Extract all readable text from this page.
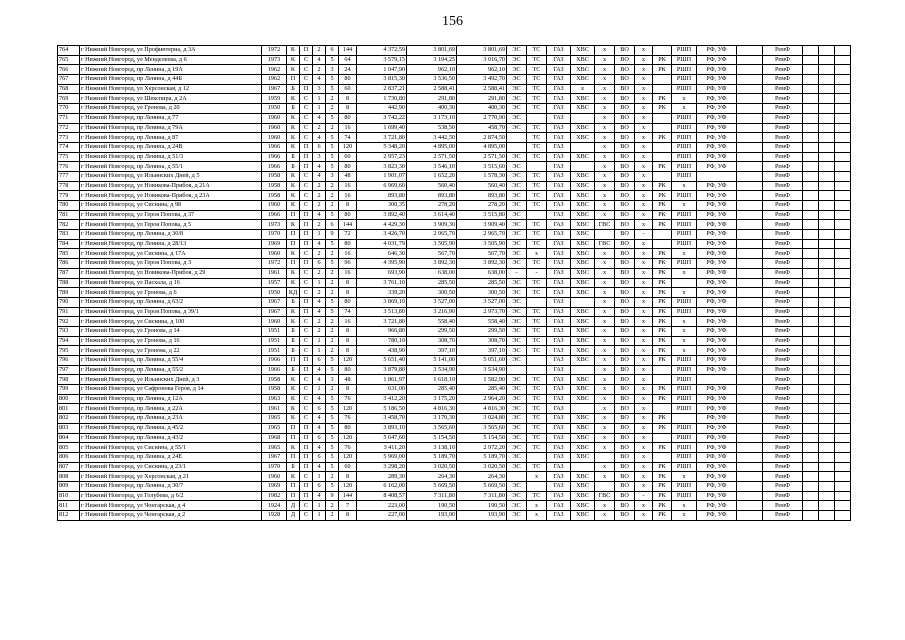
156
764	г Нижний Новгород, ул Профинтерна, д 3А	1972	К	П	2	6	144	4 372,59	3 801,69	3 801,69	ЭС	ТС	ГАЗ	ХВС	х	ВО	х		РШП	РФ, УФ		РемФ			
765	г Нижний Новгород, ул Менделеева, д 6	1973	К	С	4	5	64	3 579,15	3 194,25	3 016,70	ЭС	ТС	ГАЗ	ХВС	х	ВО	х	РК	РШП	РФ, УФ		РемФ			
766	г Нижний Новгород, пр Ленина, д 19А	1962	К	С	2	3	24	1 047,90	962,10	962,10	ЭС	ТС	ГАЗ	ХВС	х	ВО	х	РК	РШП	РФ, УФ		РемФ			
767	г Нижний Новгород, пр Ленина, д 44Б	1962	П	С	4	5	80	3 815,30	3 536,50	3 492,70	ЭС	ТС	ГАЗ	ХВС	х	ВО	х		РШП	РФ, УФ		РемФ			
768	г Нижний Новгород, ул Херсонская, д 12	1967	Б	П	3	5	60	2 837,21	2 588,41	2 588,41	ЭС	ТС	ГАЗ	х	х	ВО	х		РШП	РФ, УФ		РемФ			
769	г Нижний Новгород, ул Шекспира, д 2А	1959	К	С	1	2	8	1 730,80	291,80	291,80	ЭС	ТС	ГАЗ	ХВС	х	ВО	х	РК	х	РФ, УФ		РемФ			
770	г Нижний Новгород, ул Гронова, д 20	1950	Б	С	1	2	8	442,90	400,30	400,30	ЭС	ТС	ГАЗ	ХВС	х	ВО	х	РК	х	РФ, УФ		РемФ			
771	г Нижний Новгород, пр Ленина, д 77	1960	К	С	4	5	80	3 742,22	3 173,10	2 770,90	ЭС		ГАЗ		х	ВО	х		РШП	РФ, УФ		РемФ			
772	г Нижний Новгород, пр Ленина, д 79А	1960	К	С	2	2	16	1 699,40	538,50	458,70	ЭС	ТС	ГАЗ	ХВС	х	ВО	х		РШП	РФ, УФ		РемФ			
773	г Нижний Новгород, пр Ленина, д 87	1960	К	С	4	5	74	3 721,80	3 442,50	2 874,50		ТС	ГАЗ	ХВС	х	ВО	х	РК	РШП	РФ, УФ		РемФ			
774	г Нижний Новгород, пр Ленина, д 24В	1966	К	П	6	5	120	5 348,20	4 895,00	4 895,00		ТС	ГАЗ		х	ВО	х		РШП	РФ, УФ		РемФ			
775	г Нижний Новгород, пр Ленина, д 51/3	1966	Б	П	3	5	60	2 957,23	2 571,50	2 571,50	ЭС	ТС	ГАЗ	ХВС	х	ВО	х		РШП	РФ, УФ		РемФ			
776	г Нижний Новгород, пр Ленина, д 55/1	1966	Б	П	4	5	80	3 823,30	3 546,10	3 515,60	ЭС		ГАЗ		х	ВО	х	РК	РШП	РФ, УФ		РемФ			
777	г Нижний Новгород, ул Ильинских Дней, д 5	1958	К	С	4	3	48	1 901,07	1 652,20	1 578,30	ЭС	ТС	ГАЗ	ХВС	х	ВО	х		РШП			РемФ			
778	г Нижний Новгород, ул Новикова-Прибоя, д 21А	1958	К	С	2	2	16	6 969,60	560,40	560,40	ЭС	ТС	ГАЗ	ХВС	х	ВО	х	РК	х	РФ, УФ		РемФ			
779	г Нижний Новгород, ул Новикова-Прибоя, д 23А	1958	К	С	2	2	16	893,80	893,80	893,80	ЭС	ТС	ГАЗ	ХВС	х	ВО	х	РК	РШП	РФ, УФ		РемФ			
780	г Нижний Новгород, ул Сиснина, д 98	1960	К	С	2	2	8	300,35	278,20	278,20	ЭС	ТС	ГАЗ	ХВС	х	ВО	х	РК	х	РФ, УФ		РемФ			
781	г Нижний Новгород, ул Героя Попова, д 37	1966	П	П	4	5	80	3 892,40	3 614,40	3 515,80	ЭС		ГАЗ	ХВС	х	ВО	х	РК	РШП	РФ, УФ		РемФ			
782	г Нижний Новгород, ул Героя Попова, д 5	1973	К	П	2	6	144	4 429,30	3 909,30	3 909,40	ЭС	ТС	ГАЗ	ХВС	ГВС	ВО	х	РК	РШП	РФ, УФ		РемФ			
783	г Нижний Новгород, пр Ленина, д 30/8	1970	П	П	1	9	72	3 426,70	2 965,70	2 965,70	ЭС	ТС	ГАЗ	ХВС		ВО	-		РШП	РФ, УФ		РемФ			
784	г Нижний Новгород, пр Ленина, д 28/13	1969	П	П	4	5	80	4 031,79	3 505,90	3 505,90	ЭС	ТС	ГАЗ	ХВС	ГВС	ВО	х		РШП	РФ, УФ		РемФ			
785	г Нижний Новгород, ул Сиснина, д 17А	1960	К	С	2	2	16	646,30	567,70	567,70	ЭС	х	ГАЗ	ХВС	х	ВО	х	РК	х	РФ, УФ		РемФ			
786	г Нижний Новгород, ул Героя Попова, д 3	1972	П	П	6	5	96	4 395,90	3 892,30	3 892,30	ЭС	ТС	ГАЗ	ХВС	х	ВО	х	РК	РШП	РФ, УФ		РемФ			
787	г Нижний Новгород, ул Новикова-Прибоя, д 29	1961	К	С	2	2	16	693,90	638,00	638,00	-	-	ГАЗ	ХВС	х	ВО	х	РК	х	РФ, УФ		РемФ			
788	г Нижний Новгород, ул Пасхала, д 16	1957	К	С	1	2	8	3 761,10	285,50	285,50	ЭС	ТС	ГАЗ	ХВС	х	ВО	х	РК		РФ, УФ		РемФ			
789	г Нижний Новгород, ул Гронова, д 6	1950	КД	С	2	2	8	339,20	300,50	300,50	ЭС	ТС	ГАЗ	ХВС	х	ВО	х	РК	х	РФ, УФ		РемФ			
790	г Нижний Новгород, пр Ленина, д 63/2	1967	Б	П	4	5	80	3 869,10	3 527,00	3 527,00	ЭС		ГАЗ		х	ВО	х	РК	РШП	РФ, УФ		РемФ			
791	г Нижний Новгород, ул Героя Попова, д 39/1	1967	К	П	4	5	74	3 513,80	3 216,90	2 973,70	ЭС	ТС	ГАЗ	ХВС	х	ВО	х	РК	РШП	РФ, УФ		РемФ			
792	г Нижний Новгород, ул Сиснина, д 100	1960	К	С	2	2	16	3 721,80	558,40	558,40	ЭС	ТС	ГАЗ	ХВС	х	ВО	х	РК	х	РФ, УФ		РемФ			
793	г Нижний Новгород, ул Гронова, д 14	1951	Б	С	2	2	8	966,80	299,50	299,50	ЭС	ТС	ГАЗ	ХВС	х	ВО	х	РК	х	РФ, УФ		РемФ			
794	г Нижний Новгород, ул Гронова, д 16	1951	Б	С	1	2	8	780,10	308,70	308,70	ЭС	ТС	ГАЗ	ХВС	х	ВО	х	РК	х	РФ, УФ		РемФ			
795	г Нижний Новгород, ул Гронова, д 22	1951	Б	С	1	2	8	438,90	397,10	397,10	ЭС	ТС	ГАЗ	ХВС	х	ВО	х	РК	х	РФ, УФ		РемФ			
796	г Нижний Новгород, пр Ленина, д 55/4	1966	П	П	6	5	120	5 651,40	5 141,00	5 051,60	ЭС		ГАЗ	ХВС	х	ВО	х	РК	РШП	РФ, УФ		РемФ			
797	г Нижний Новгород, пр Ленина, д 55/2	1966	Б	П	4	5	80	3 879,80	3 534,90	3 534,90			ГАЗ		х	ВО	х		РШП	РФ, УФ		РемФ			
798	г Нижний Новгород, ул Ильинских Дней, д 3	1958	К	С	4	3	48	1 861,97	1 618,10	1 582,90	ЭС	ТС	ГАЗ	ХВС	х	ВО	х		РШП			РемФ			
799	г Нижний Новгород, ул Сафронова Героя, д 14	1958	К	С	1	2	8	631,00	285,40	285,40	ЭС	ТС	ГАЗ	ХВС	х	ВО	х	РК	РШП	РФ, УФ		РемФ			
800	г Нижний Новгород, пр Ленина, д 12А	1963	К	С	4	5	76	3 412,20	3 175,20	2 964,20	ЭС	ТС	ГАЗ	ХВС	х	ВО	х	РК	РШП	РФ, УФ		РемФ			
801	г Нижний Новгород, пр Ленина, д 22А	1961	К	С	6	5	120	5 186,50	4 816,30	4 816,30	ЭС	ТС	ГАЗ		х	ВО	х		РШП	РФ, УФ		РемФ			
802	г Нижний Новгород, пр Ленина, д 23А	1965	К	С	4	5	76	3 458,70	3 170,30	3 024,80	ЭС	ТС	ГАЗ	ХВС	х	ВО	х	РК		РФ, УФ		РемФ			
803	г Нижний Новгород, пр Ленина, д 45/2	1965	П	П	4	5	80	3 893,10	3 565,60	3 565,60	ЭС	ТС	ГАЗ	ХВС	х	ВО	х	РК	РШП	РФ, УФ		РемФ			
804	г Нижний Новгород, пр Ленина, д 43/2	1968	П	П	6	5	120	5 647,60	5 154,50	5 154,50	ЭС	ТС	ГАЗ	ХВС	х	ВО	х		РШП	РФ, УФ		РемФ			
805	г Нижний Новгород, ул Сиснина, д 55/1	1965	К	П	4	5	76	3 411,20	3 138,10	2 972,20	ЭС	ТС	ГАЗ	ХВС	х	ВО	х	РК	РШП	РФ, УФ		РемФ			
806	г Нижний Новгород, пр Ленина, д 24Е	1967	П	П	6	5	120	5 969,00	5 189,70	5 189,70	ЭС		ГАЗ	ХВС		ВО	х		РШП	РФ, УФ		РемФ			
807	г Нижний Новгород, ул Сиснина, д 23/1	1970	Б	П	4	5	60	3 298,20	3 020,50	3 020,50	ЭС	ТС	ГАЗ		х	ВО	х	РК	РШП	РФ, УФ		РемФ			
808	г Нижний Новгород, ул Херсонская, д 21	1960	К	С	1	2	8	289,30	264,30	264,30		х	ГАЗ	ХВС	х	ВО	х	РК	х	РФ, УФ		РемФ			
809	г Нижний Новгород, пр Ленина, д 30/7	1969	П	П	6	5	120	6 162,00	5 669,50	5 669,50	ЭС		ГАЗ	ХВС		ВО	х	РК	РШП	РФ, УФ		РемФ			
810	г Нижний Новгород, ул Голубева, д 6/2	1982	П	П	4	9	144	8 408,57	7 311,80	7 311,80	ЭС	ТС	ГАЗ	ХВС	ГВС	ВО	-	РК	РШП	РФ, УФ		РемФ			
811	г Нижний Новгород, ул Чонгарская, д 4	1924	Д	С	1	2	7	223,00	190,50	190,50	ЭС	х	ГАЗ	ХВС	х	ВО	х	РК	х	РФ, УФ		РемФ			
812	г Нижний Новгород, ул Чонгарская, д 2	1928	Д	С	1	2	8	227,00	193,90	193,90	ЭС	х	ГАЗ	ХВС	х	ВО	х	РК	х	РФ, УФ		РемФ			
